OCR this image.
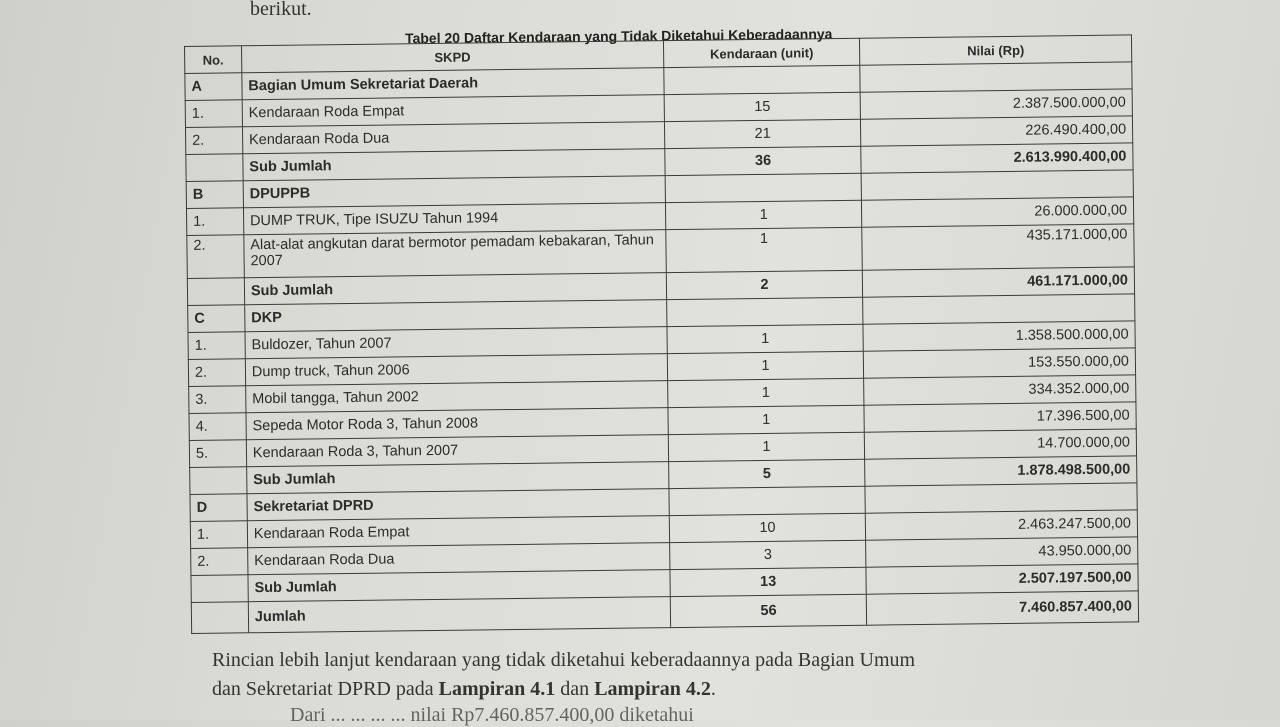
berikut.
Tabel 20 Daftar Kendaraan yang Tidak Diketahui Keberadaannya
No.	SKPD	Kendaraan (unit)	Nilai (Rp)
A	Bagian Umum Sekretariat Daerah		
1.	Kendaraan Roda Empat	15	2.387.500.000,00
2.	Kendaraan Roda Dua	21	226.490.400,00
	Sub Jumlah	36	2.613.990.400,00
B	DPUPPB		
1.	DUMP TRUK, Tipe ISUZU Tahun 1994	1	26.000.000,00
2.	Alat-alat angkutan darat bermotor pemadam kebakaran, Tahun 2007	1	435.171.000,00
	Sub Jumlah	2	461.171.000,00
C	DKP		
1.	Buldozer, Tahun 2007	1	1.358.500.000,00
2.	Dump truck, Tahun 2006	1	153.550.000,00
3.	Mobil tangga, Tahun 2002	1	334.352.000,00
4.	Sepeda Motor Roda 3, Tahun 2008	1	17.396.500,00
5.	Kendaraan Roda 3, Tahun 2007	1	14.700.000,00
	Sub Jumlah	5	1.878.498.500,00
D	Sekretariat DPRD		
1.	Kendaraan Roda Empat	10	2.463.247.500,00
2.	Kendaraan Roda Dua	3	43.950.000,00
	Sub Jumlah	13	2.507.197.500,00
	Jumlah	56	7.460.857.400,00
Rincian lebih lanjut kendaraan yang tidak diketahui keberadaannya pada Bagian Umum
dan Sekretariat DPRD pada Lampiran 4.1 dan Lampiran 4.2.
Dari ... ... ... ... nilai Rp7.460.857.400,00 diketahui
